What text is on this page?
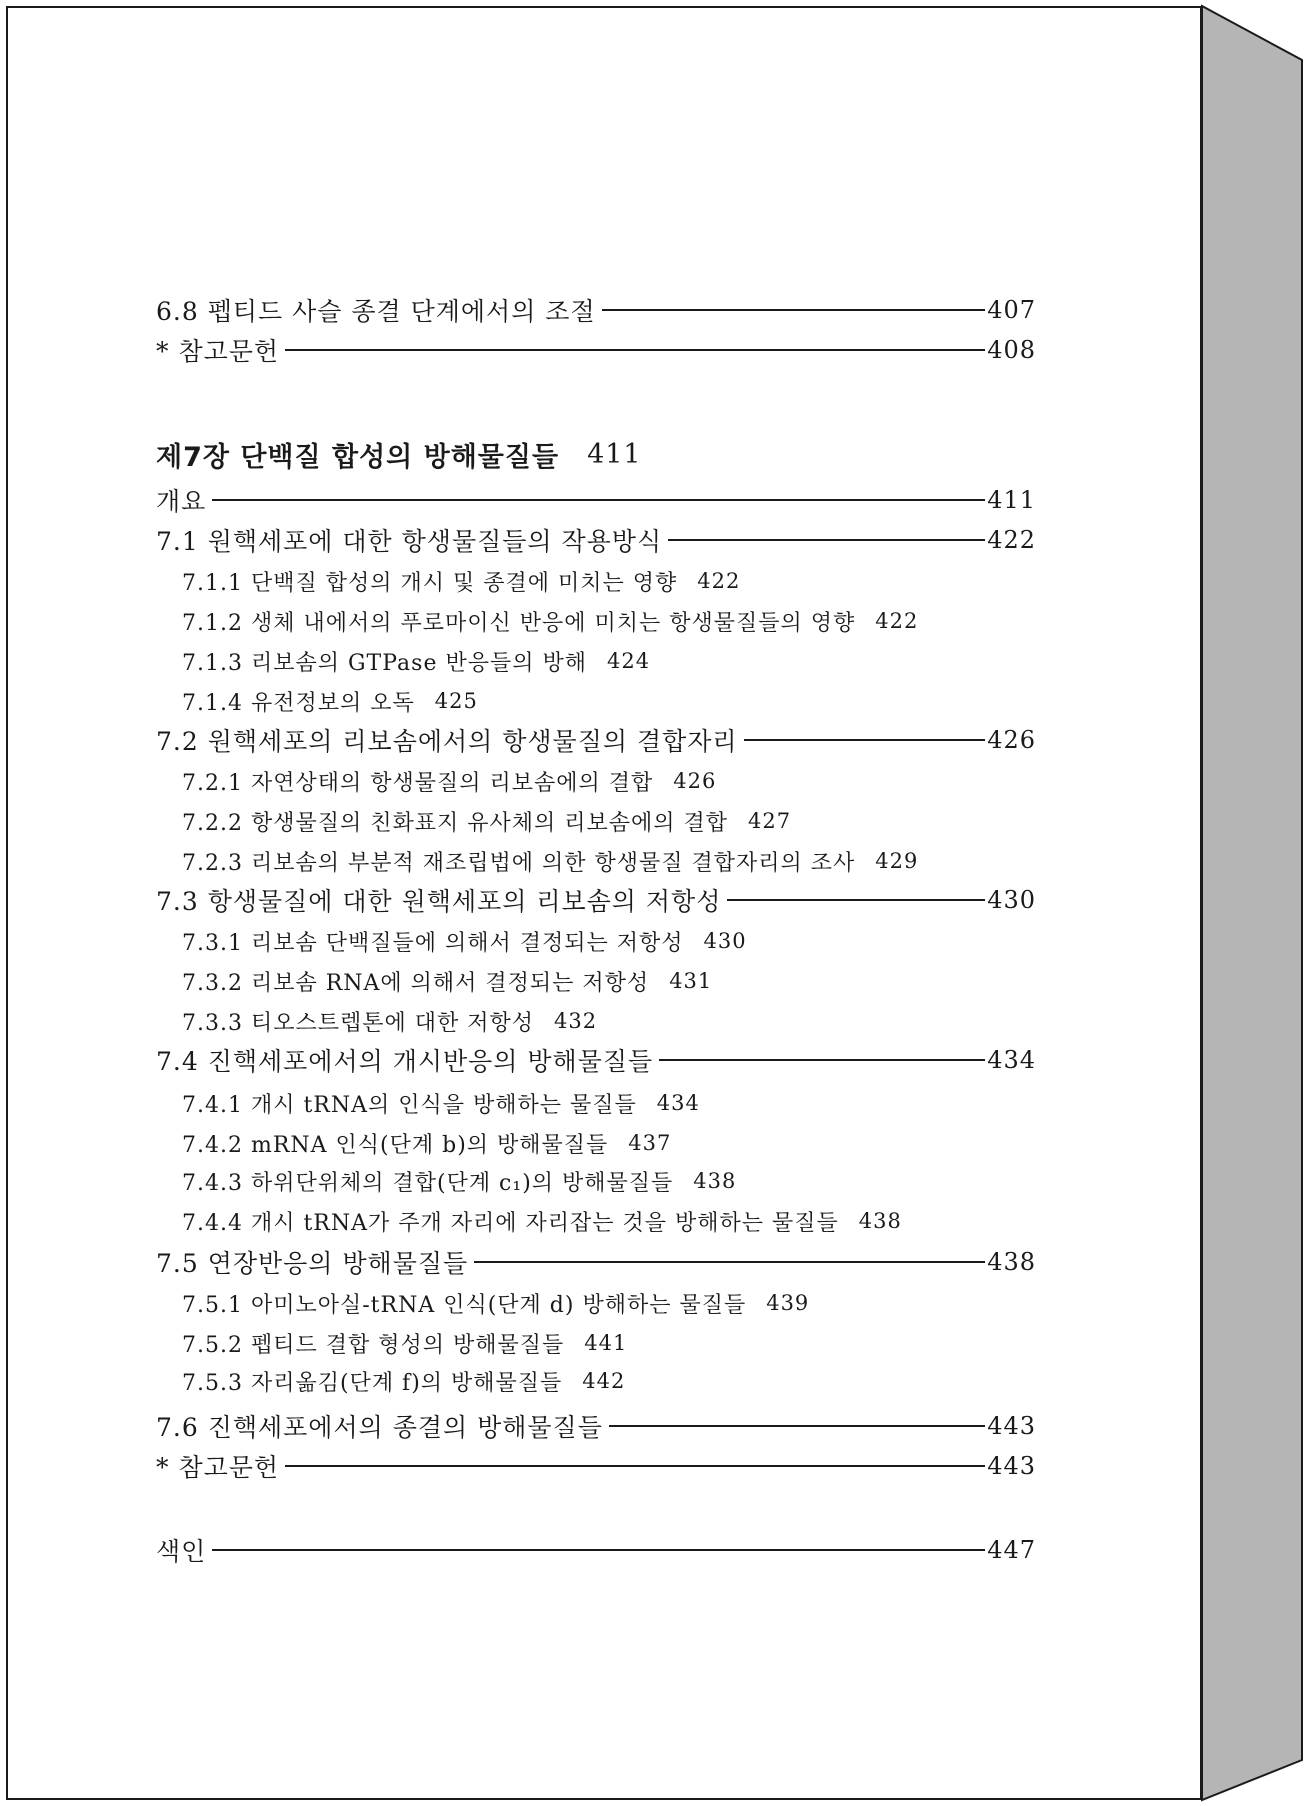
6.8 펩티드 사슬 종결 단계에서의 조절	407
* 참고문헌	408
제7장 단백질 합성의 방해물질들 411
개요	411
7.1 원핵세포에 대한 항생물질들의 작용방식	422
7.1.1 단백질 합성의 개시 및 종결에 미치는 영향 422
7.1.2 생체 내에서의 푸로마이신 반응에 미치는 항생물질들의 영향 422
7.1.3 리보솜의 GTPase 반응들의 방해 424
7.1.4 유전정보의 오독 425
7.2 원핵세포의 리보솜에서의 항생물질의 결합자리	426
7.2.1 자연상태의 항생물질의 리보솜에의 결합 426
7.2.2 항생물질의 친화표지 유사체의 리보솜에의 결합 427
7.2.3 리보솜의 부분적 재조립법에 의한 항생물질 결합자리의 조사 429
7.3 항생물질에 대한 원핵세포의 리보솜의 저항성	430
7.3.1 리보솜 단백질들에 의해서 결정되는 저항성 430
7.3.2 리보솜 RNA에 의해서 결정되는 저항성 431
7.3.3 티오스트렙톤에 대한 저항성 432
7.4 진핵세포에서의 개시반응의 방해물질들	434
7.4.1 개시 tRNA의 인식을 방해하는 물질들 434
7.4.2 mRNA 인식(단계 b)의 방해물질들 437
7.4.3 하위단위체의 결합(단계 c₁)의 방해물질들 438
7.4.4 개시 tRNA가 주개 자리에 자리잡는 것을 방해하는 물질들 438
7.5 연장반응의 방해물질들	438
7.5.1 아미노아실-tRNA 인식(단계 d) 방해하는 물질들 439
7.5.2 펩티드 결합 형성의 방해물질들 441
7.5.3 자리옮김(단계 f)의 방해물질들 442
7.6 진핵세포에서의 종결의 방해물질들	443
* 참고문헌	443
색인	447
